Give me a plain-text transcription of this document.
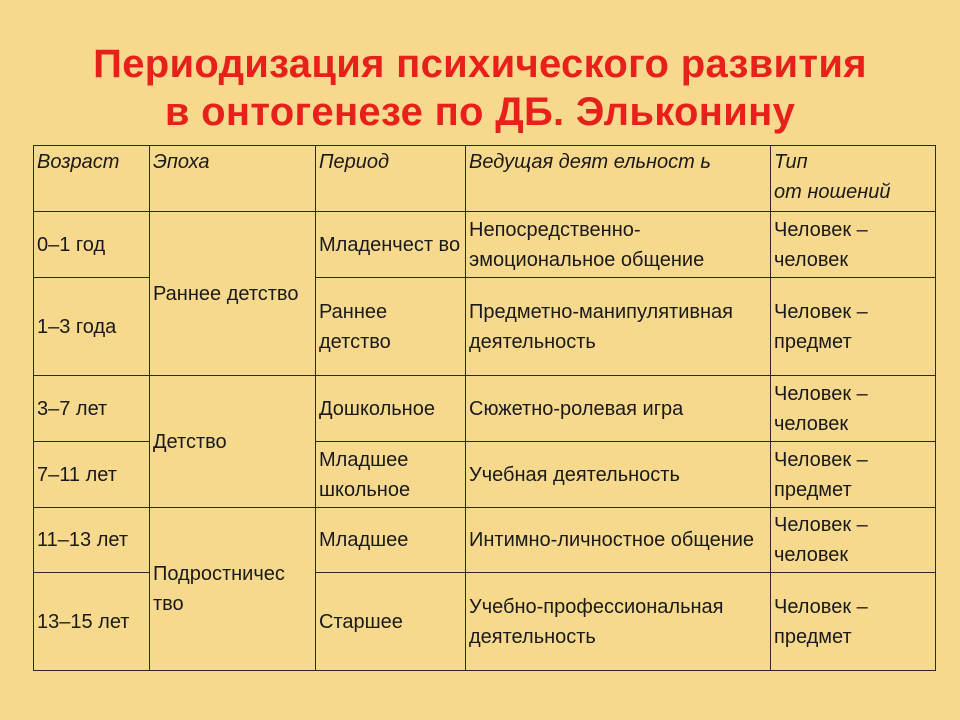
Периодизация психического развития
в онтогенезе по ДБ. Эльконину
Возраст	Эпоха	Период	Ведущая деят ельност ь	Тип
от ношений

0–1 год	Раннее детство	Младенчест во	Непосредственно-эмоциональное общение	Человек – человек
1–3 года		Раннее детство	Предметно-манипулятивная деятельность	Человек – предмет
3–7 лет	Детство	Дошкольное	Сюжетно-ролевая игра	Человек – человек
7–11 лет		Младшее школьное	Учебная деятельность	Человек – предмет
11–13 лет	Подростничес тво	Младшее	Интимно-личностное общение	Человек – человек
13–15 лет		Старшее	Учебно-профессиональная деятельность	Человек – предмет
